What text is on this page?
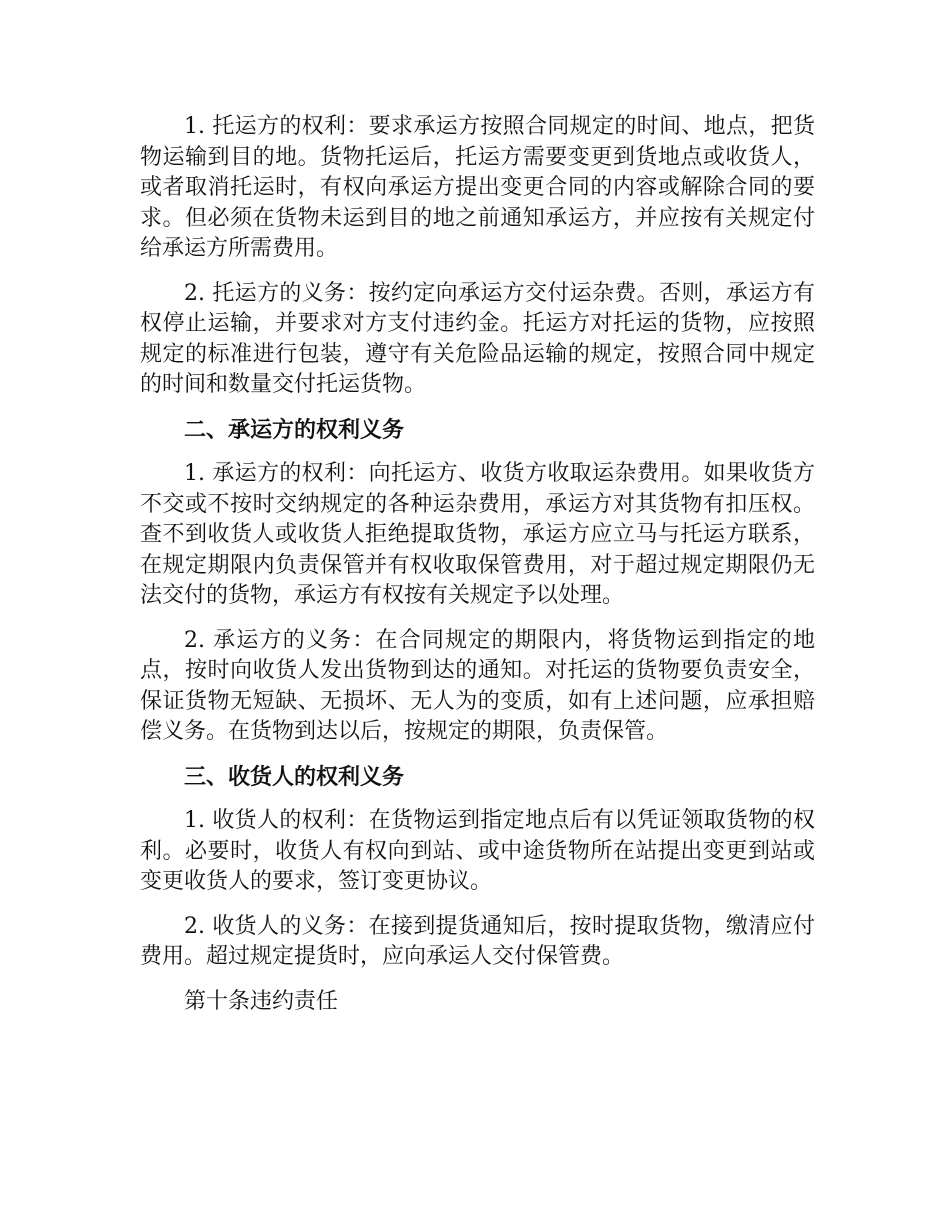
1. 托运方的权利：要求承运方按照合同规定的时间、地点，把货物运输到目的地。货物托运后，托运方需要变更到货地点或收货人，或者取消托运时，有权向承运方提出变更合同的内容或解除合同的要求。但必须在货物未运到目的地之前通知承运方，并应按有关规定付给承运方所需费用。

2. 托运方的义务：按约定向承运方交付运杂费。否则，承运方有权停止运输，并要求对方支付违约金。托运方对托运的货物，应按照规定的标准进行包装，遵守有关危险品运输的规定，按照合同中规定的时间和数量交付托运货物。

二、承运方的权利义务

1. 承运方的权利：向托运方、收货方收取运杂费用。如果收货方不交或不按时交纳规定的各种运杂费用，承运方对其货物有扣压权。查不到收货人或收货人拒绝提取货物，承运方应立马与托运方联系，在规定期限内负责保管并有权收取保管费用，对于超过规定期限仍无法交付的货物，承运方有权按有关规定予以处理。

2. 承运方的义务：在合同规定的期限内，将货物运到指定的地点，按时向收货人发出货物到达的通知。对托运的货物要负责安全，保证货物无短缺、无损坏、无人为的变质，如有上述问题，应承担赔偿义务。在货物到达以后，按规定的期限，负责保管。

三、收货人的权利义务

1. 收货人的权利：在货物运到指定地点后有以凭证领取货物的权利。必要时，收货人有权向到站、或中途货物所在站提出变更到站或变更收货人的要求，签订变更协议。

2. 收货人的义务：在接到提货通知后，按时提取货物，缴清应付费用。超过规定提货时，应向承运人交付保管费。

第十条违约责任
